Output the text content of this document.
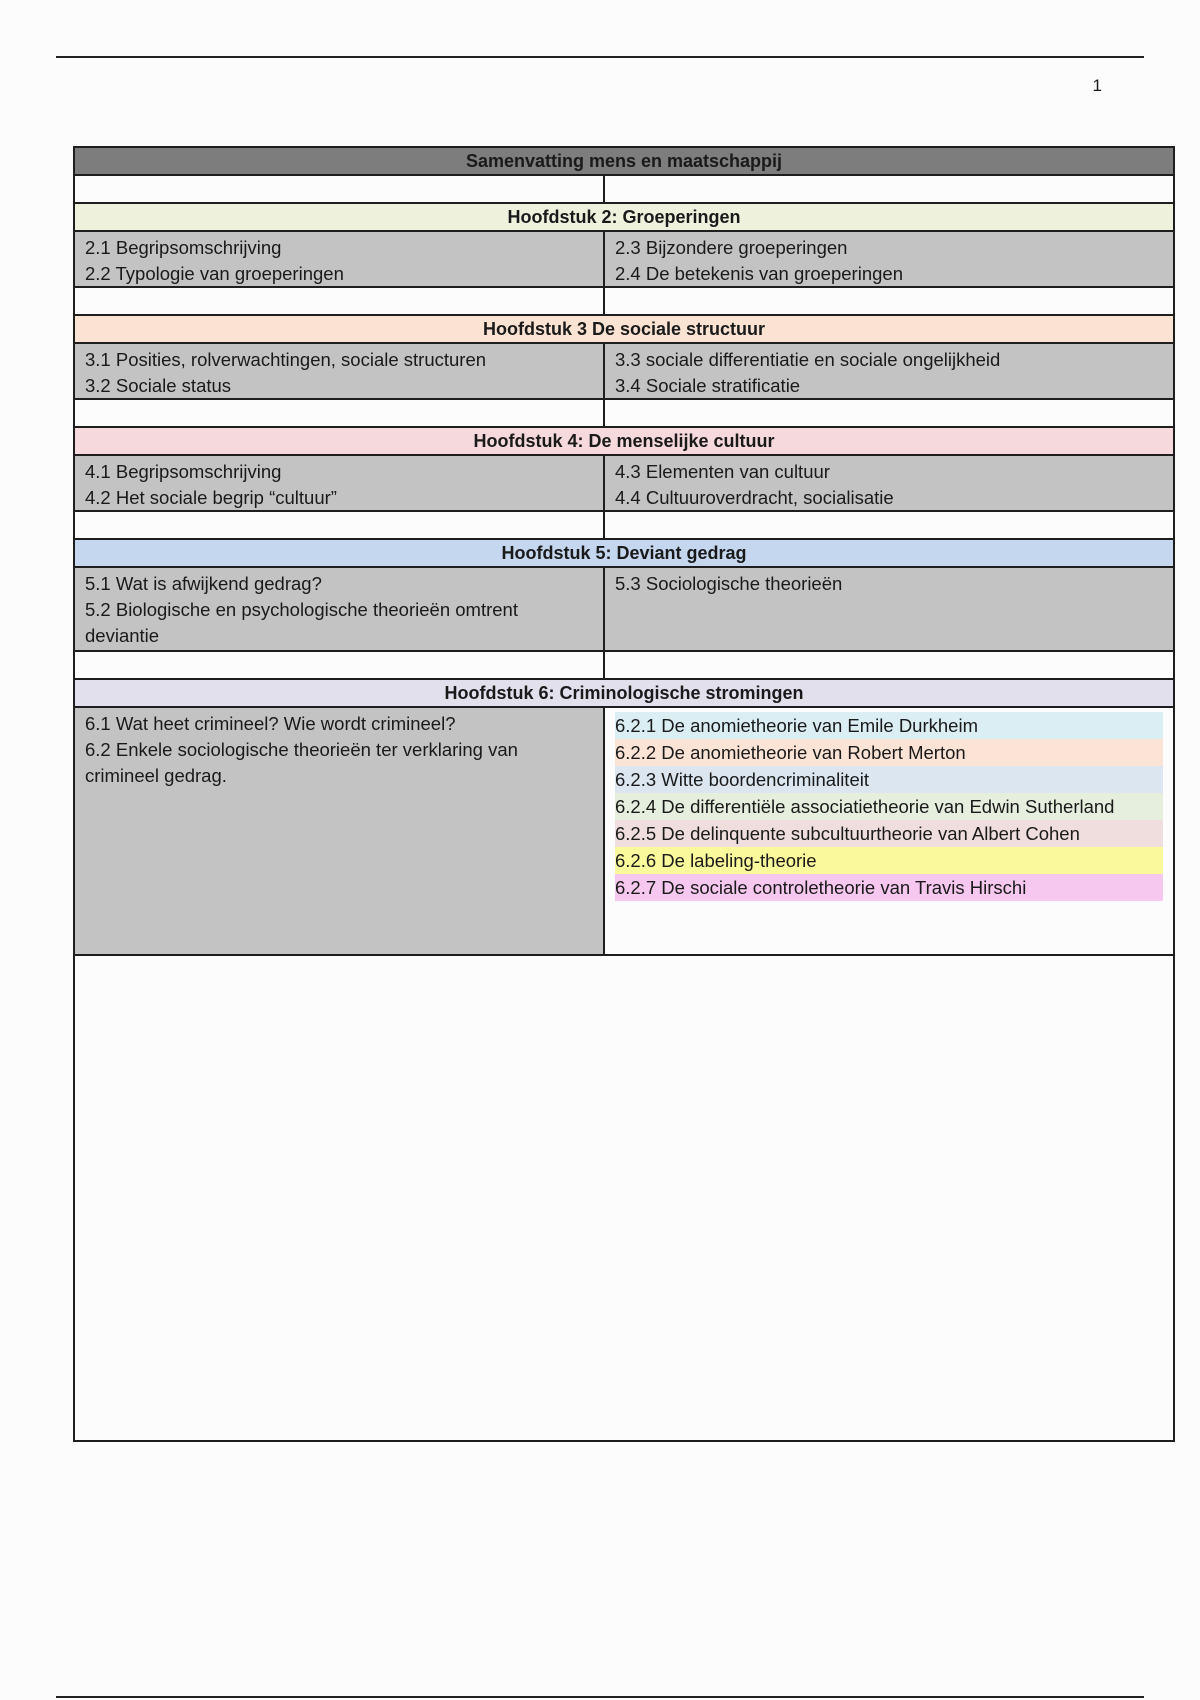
1
Samenvatting mens en maatschappij
Hoofdstuk 2: Groeperingen
2.1 Begripsomschrijving
2.2 Typologie van groeperingen
2.3 Bijzondere groeperingen
2.4 De betekenis van groeperingen
Hoofdstuk 3 De sociale structuur
3.1 Posities, rolverwachtingen, sociale structuren
3.2 Sociale status
3.3 sociale differentiatie en sociale ongelijkheid
3.4 Sociale stratificatie
Hoofdstuk 4: De menselijke cultuur
4.1 Begripsomschrijving
4.2 Het sociale begrip “cultuur”
4.3 Elementen van cultuur
4.4 Cultuuroverdracht, socialisatie
Hoofdstuk 5: Deviant gedrag
5.1 Wat is afwijkend gedrag?
5.2 Biologische en psychologische theorieën omtrent deviantie
5.3 Sociologische theorieën
Hoofdstuk 6: Criminologische stromingen
6.1 Wat heet crimineel? Wie wordt crimineel?
6.2 Enkele sociologische theorieën ter verklaring van crimineel gedrag.
6.2.1 De anomietheorie van Emile Durkheim
6.2.2 De anomietheorie van Robert Merton
6.2.3 Witte boordencriminaliteit
6.2.4 De differentiële associatietheorie van Edwin Sutherland
6.2.5 De delinquente subcultuurtheorie van Albert Cohen
6.2.6 De labeling-theorie
6.2.7 De sociale controletheorie van Travis Hirschi
